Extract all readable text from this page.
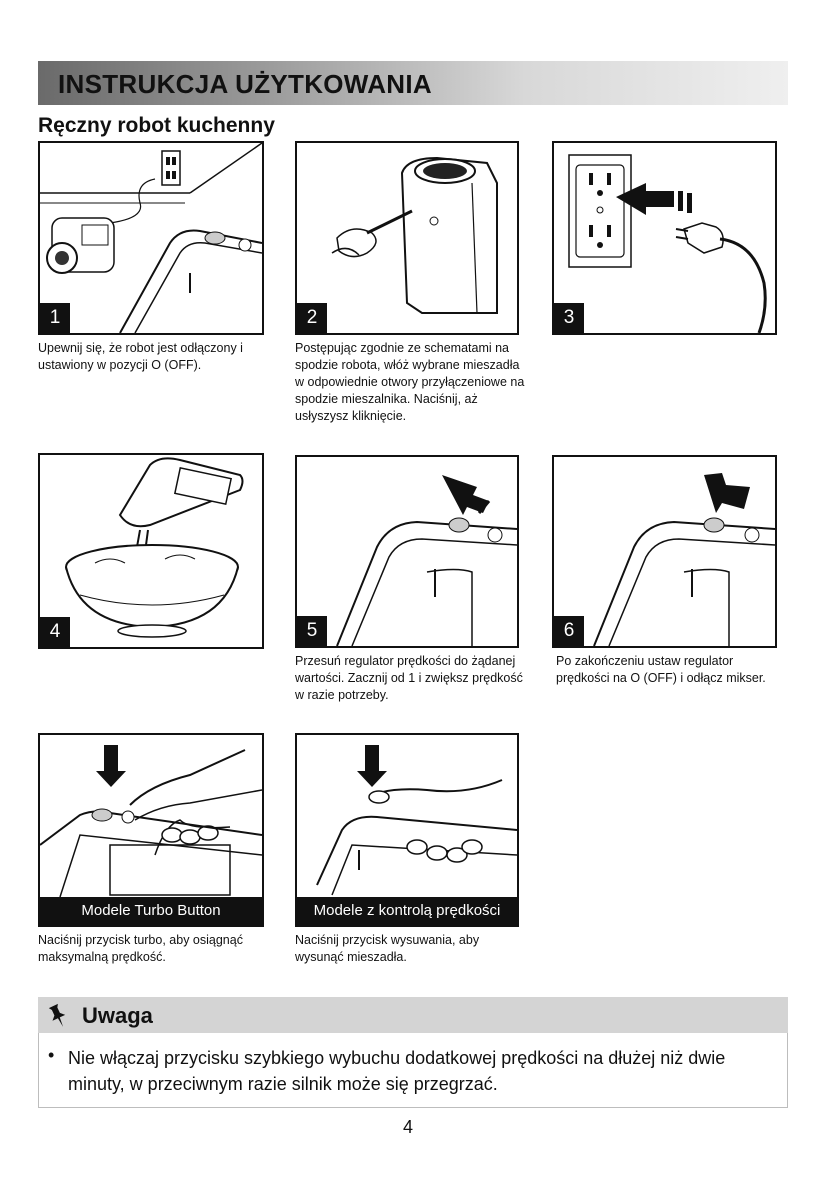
INSTRUKCJA UŻYTKOWANIA
Ręczny robot kuchenny
1
Upewnij się, że robot jest odłączony i ustawiony w pozycji O (OFF).
2
Postępując zgodnie ze schematami na spodzie robota, włóż wybrane mieszadła w odpowiednie otwory przyłączeniowe na spodzie mieszalnika. Naciśnij, aż usłyszysz kliknięcie.
3
4	5
Przesuń regulator prędkości do żądanej wartości. Zacznij od 1 i zwiększ prędkość w razie potrzeby.
6
Po zakończeniu ustaw regulator prędkości na O (OFF) i odłącz mikser.
Modele Turbo Button
Naciśnij przycisk turbo, aby osiągnąć maksymalną prędkość.
Modele z kontrolą prędkości
Naciśnij przycisk wysuwania, aby wysunąć mieszadła.
Uwaga
• Nie włączaj przycisku szybkiego wybuchu dodatkowej prędkości na dłużej niż dwie minuty, w przeciwnym razie silnik może się przegrzać.
4
